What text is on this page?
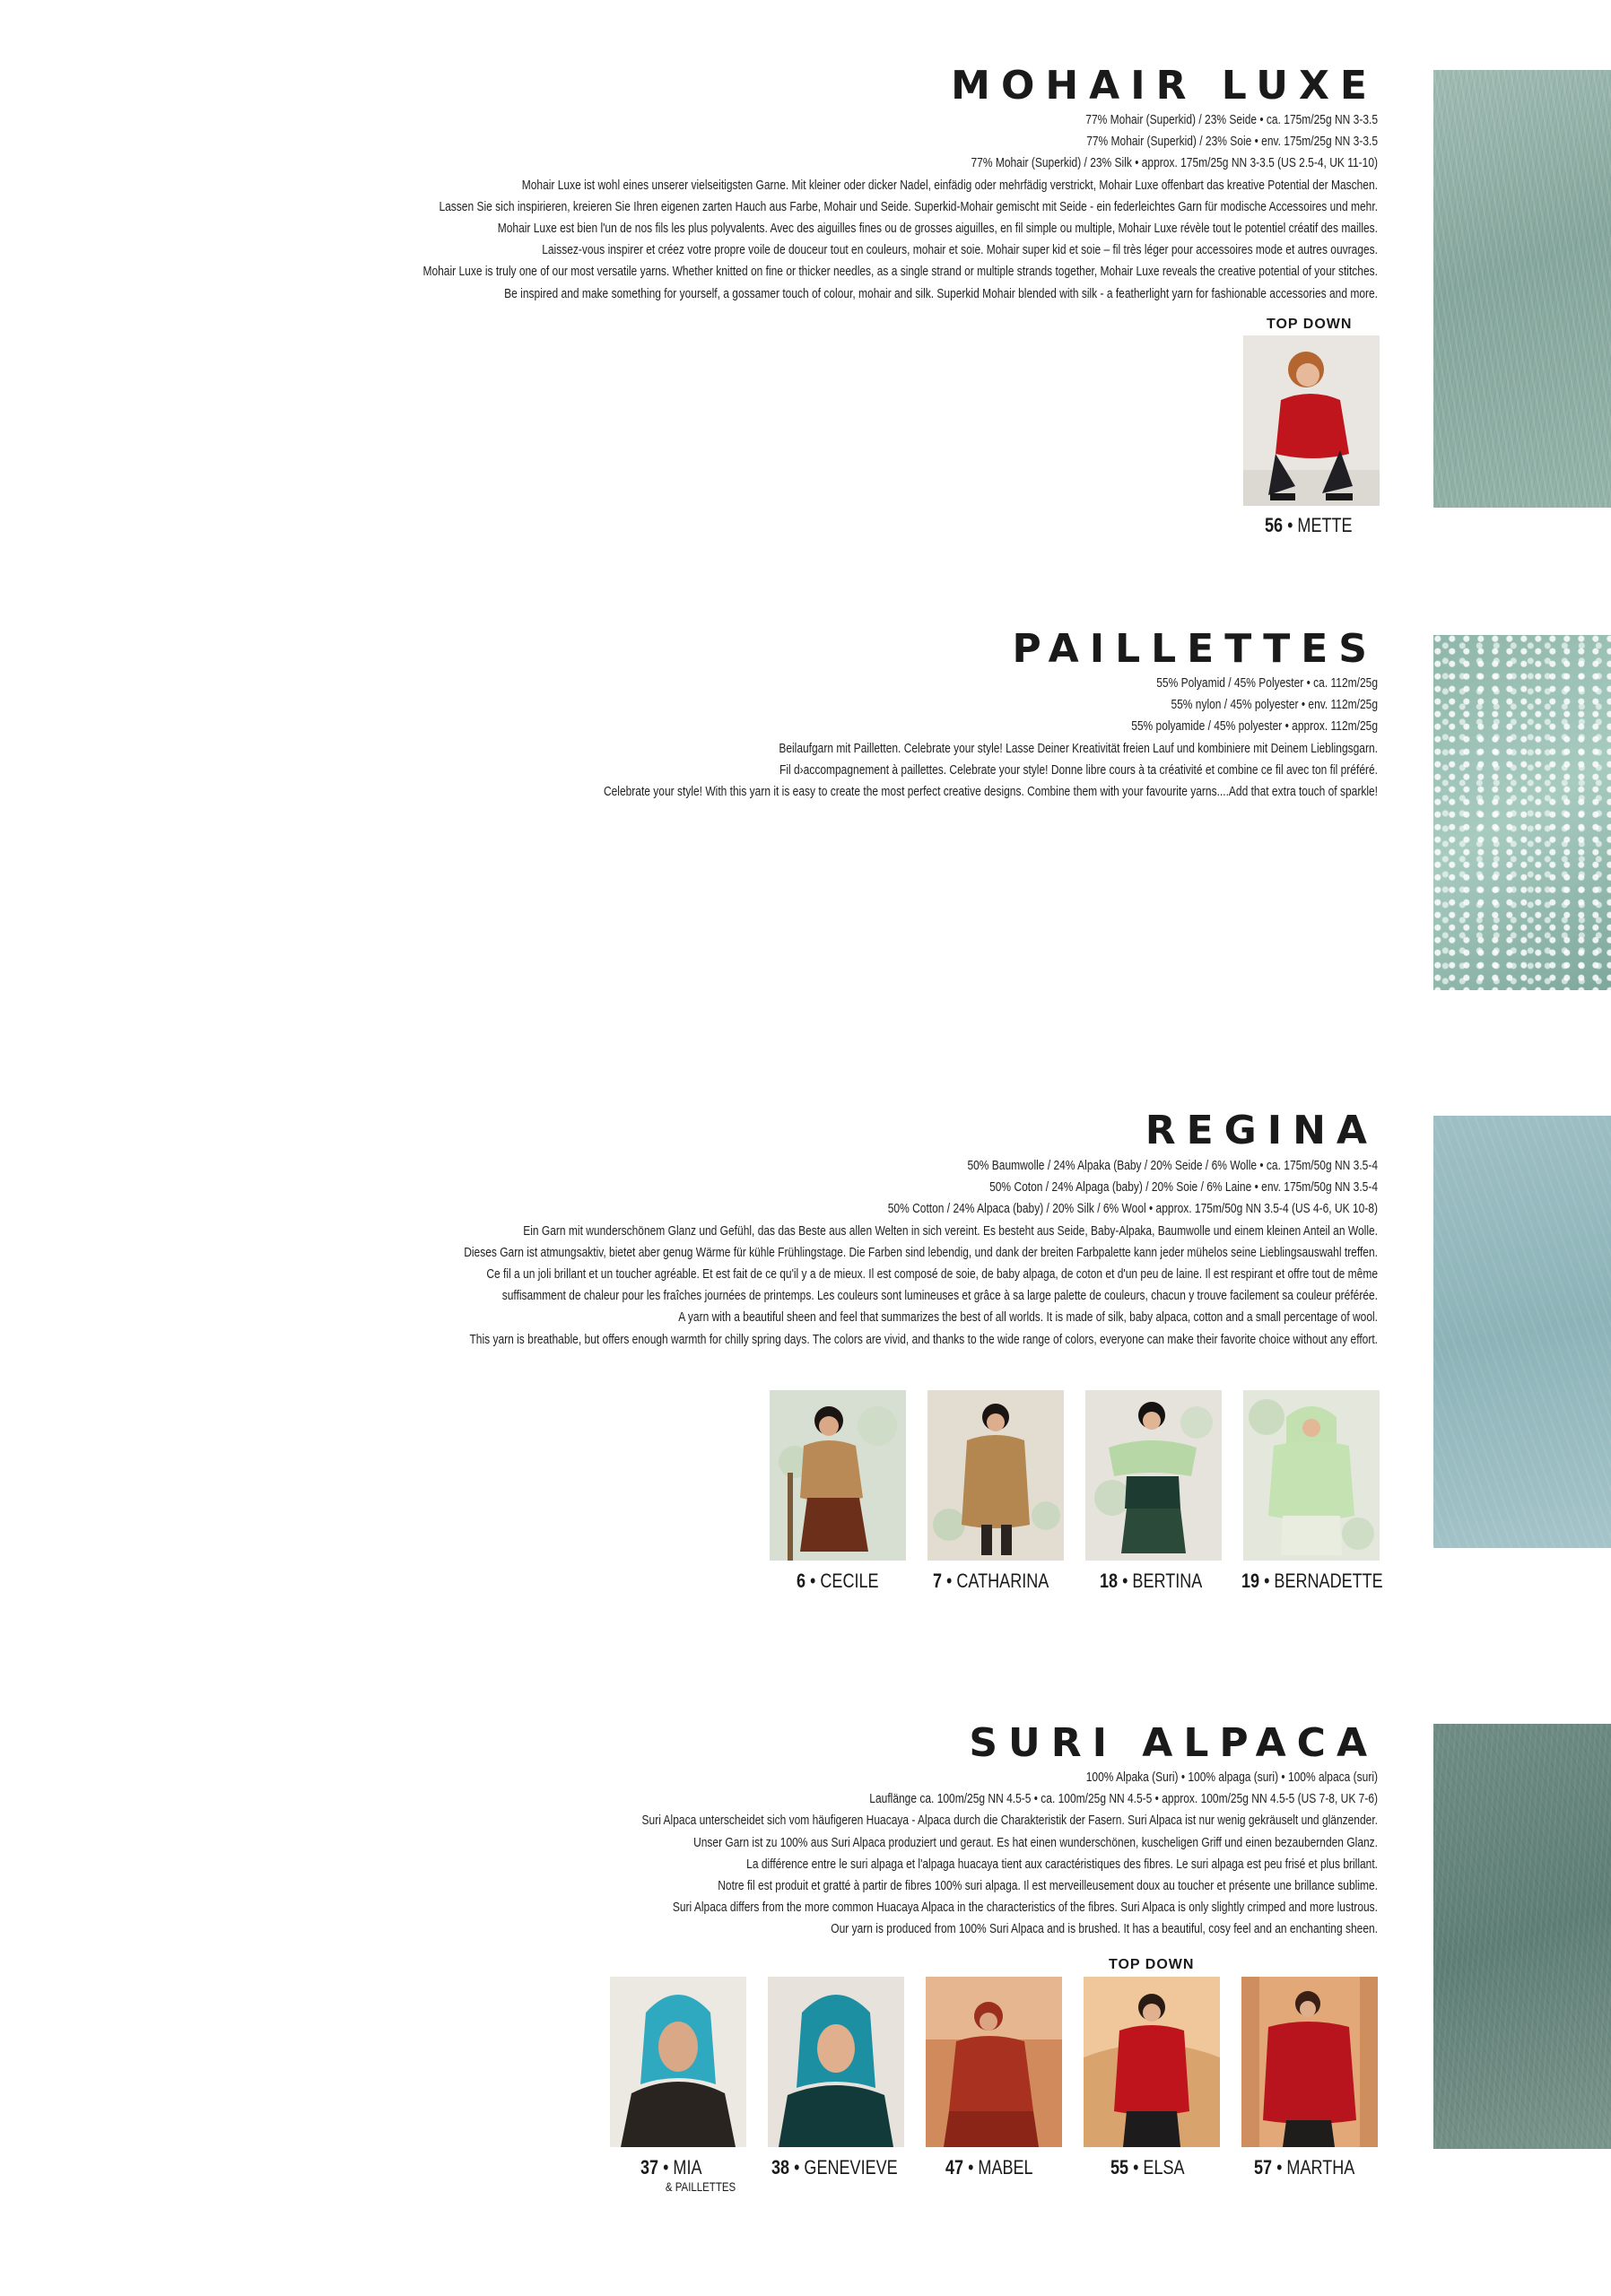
MOHAIR LUXE
77% Mohair (Superkid) / 23% Seide • ca. 175m/25g NN 3-3.5
77% Mohair (Superkid) / 23% Soie • env. 175m/25g NN 3-3.5
77% Mohair (Superkid) / 23% Silk • approx. 175m/25g NN 3-3.5 (US 2.5-4, UK 11-10)
Mohair Luxe ist wohl eines unserer vielseitigsten Garne. Mit kleiner oder dicker Nadel, einfädig oder mehrfädig verstrickt, Mohair Luxe offenbart das kreative Potential der Maschen.
Lassen Sie sich inspirieren, kreieren Sie Ihren eigenen zarten Hauch aus Farbe, Mohair und Seide. Superkid-Mohair gemischt mit Seide - ein federleichtes Garn für modische Accessoires und mehr.
Mohair Luxe est bien l'un de nos fils les plus polyvalents. Avec des aiguilles fines ou de grosses aiguilles, en fil simple ou multiple, Mohair Luxe révèle tout le potentiel créatif des mailles.
Laissez-vous inspirer et créez votre propre voile de douceur tout en couleurs, mohair et soie. Mohair super kid et soie – fil très léger pour accessoires mode et autres ouvrages.
Mohair Luxe is truly one of our most versatile yarns. Whether knitted on fine or thicker needles, as a single strand or multiple strands together, Mohair Luxe reveals the creative potential of your stitches.
Be inspired and make something for yourself, a gossamer touch of colour, mohair and silk. Superkid Mohair blended with silk - a featherlight yarn for fashionable accessories and more.
TOP DOWN
56 • METTE
PAILLETTES
55% Polyamid / 45% Polyester • ca. 112m/25g
55% nylon / 45% polyester • env. 112m/25g
55% polyamide / 45% polyester • approx. 112m/25g
Beilaufgarn mit Pailletten. Celebrate your style! Lasse Deiner Kreativität freien Lauf und kombiniere mit Deinem Lieblingsgarn.
Fil d›accompagnement à paillettes. Celebrate your style! Donne libre cours à ta créativité et combine ce fil avec ton fil préféré.
Celebrate your style! With this yarn it is easy to create the most perfect creative designs. Combine them with your favourite yarns....Add that extra touch of sparkle!
REGINA
50% Baumwolle / 24% Alpaka (Baby / 20% Seide / 6% Wolle • ca. 175m/50g NN 3.5-4
50% Coton / 24% Alpaga (baby) / 20% Soie / 6% Laine • env. 175m/50g NN 3.5-4
50% Cotton / 24% Alpaca (baby) / 20% Silk / 6% Wool • approx. 175m/50g NN 3.5-4 (US 4-6, UK 10-8)
Ein Garn mit wunderschönem Glanz und Gefühl, das das Beste aus allen Welten in sich vereint. Es besteht aus Seide, Baby-Alpaka, Baumwolle und einem kleinen Anteil an Wolle.
Dieses Garn ist atmungsaktiv, bietet aber genug Wärme für kühle Frühlingstage. Die Farben sind lebendig, und dank der breiten Farbpalette kann jeder mühelos seine Lieblingsauswahl treffen.
Ce fil a un joli brillant et un toucher agréable. Et est fait de ce qu'il y a de mieux. Il est composé de soie, de baby alpaga, de coton et d'un peu de laine. Il est respirant et offre tout de même
suffisamment de chaleur pour les fraîches journées de printemps. Les couleurs sont lumineuses et grâce à sa large palette de couleurs, chacun y trouve facilement sa couleur préférée.
A yarn with a beautiful sheen and feel that summarizes the best of all worlds. It is made of silk, baby alpaca, cotton and a small percentage of wool.
This yarn is breathable, but offers enough warmth for chilly spring days. The colors are vivid, and thanks to the wide range of colors, everyone can make their favorite choice without any effort.
6 • CECILE	7 • CATHARINA	18 • BERTINA 19 • BERNADETTE
SURI ALPACA
100% Alpaka (Suri) • 100% alpaga (suri) • 100% alpaca (suri)
Lauflänge ca. 100m/25g NN 4.5-5 • ca. 100m/25g NN 4.5-5 • approx. 100m/25g NN 4.5-5 (US 7-8, UK 7-6)
Suri Alpaca unterscheidet sich vom häufigeren Huacaya - Alpaca durch die Charakteristik der Fasern. Suri Alpaca ist nur wenig gekräuselt und glänzender.
Unser Garn ist zu 100% aus Suri Alpaca produziert und geraut. Es hat einen wunderschönen, kuscheligen Griff und einen bezaubernden Glanz.
La différence entre le suri alpaga et l'alpaga huacaya tient aux caractéristiques des fibres. Le suri alpaga est peu frisé et plus brillant.
Notre fil est produit et gratté à partir de fibres 100% suri alpaga. Il est merveilleusement doux au toucher et présente une brillance sublime.
Suri Alpaca differs from the more common Huacaya Alpaca in the characteristics of the fibres. Suri Alpaca is only slightly crimped and more lustrous.
Our yarn is produced from 100% Suri Alpaca and is brushed. It has a beautiful, cosy feel and an enchanting sheen.
TOP DOWN
37 • MIA
& PAILLETTES
38 • GENEVIEVE 47 • MABEL	55 • ELSA	57 • MARTHA
